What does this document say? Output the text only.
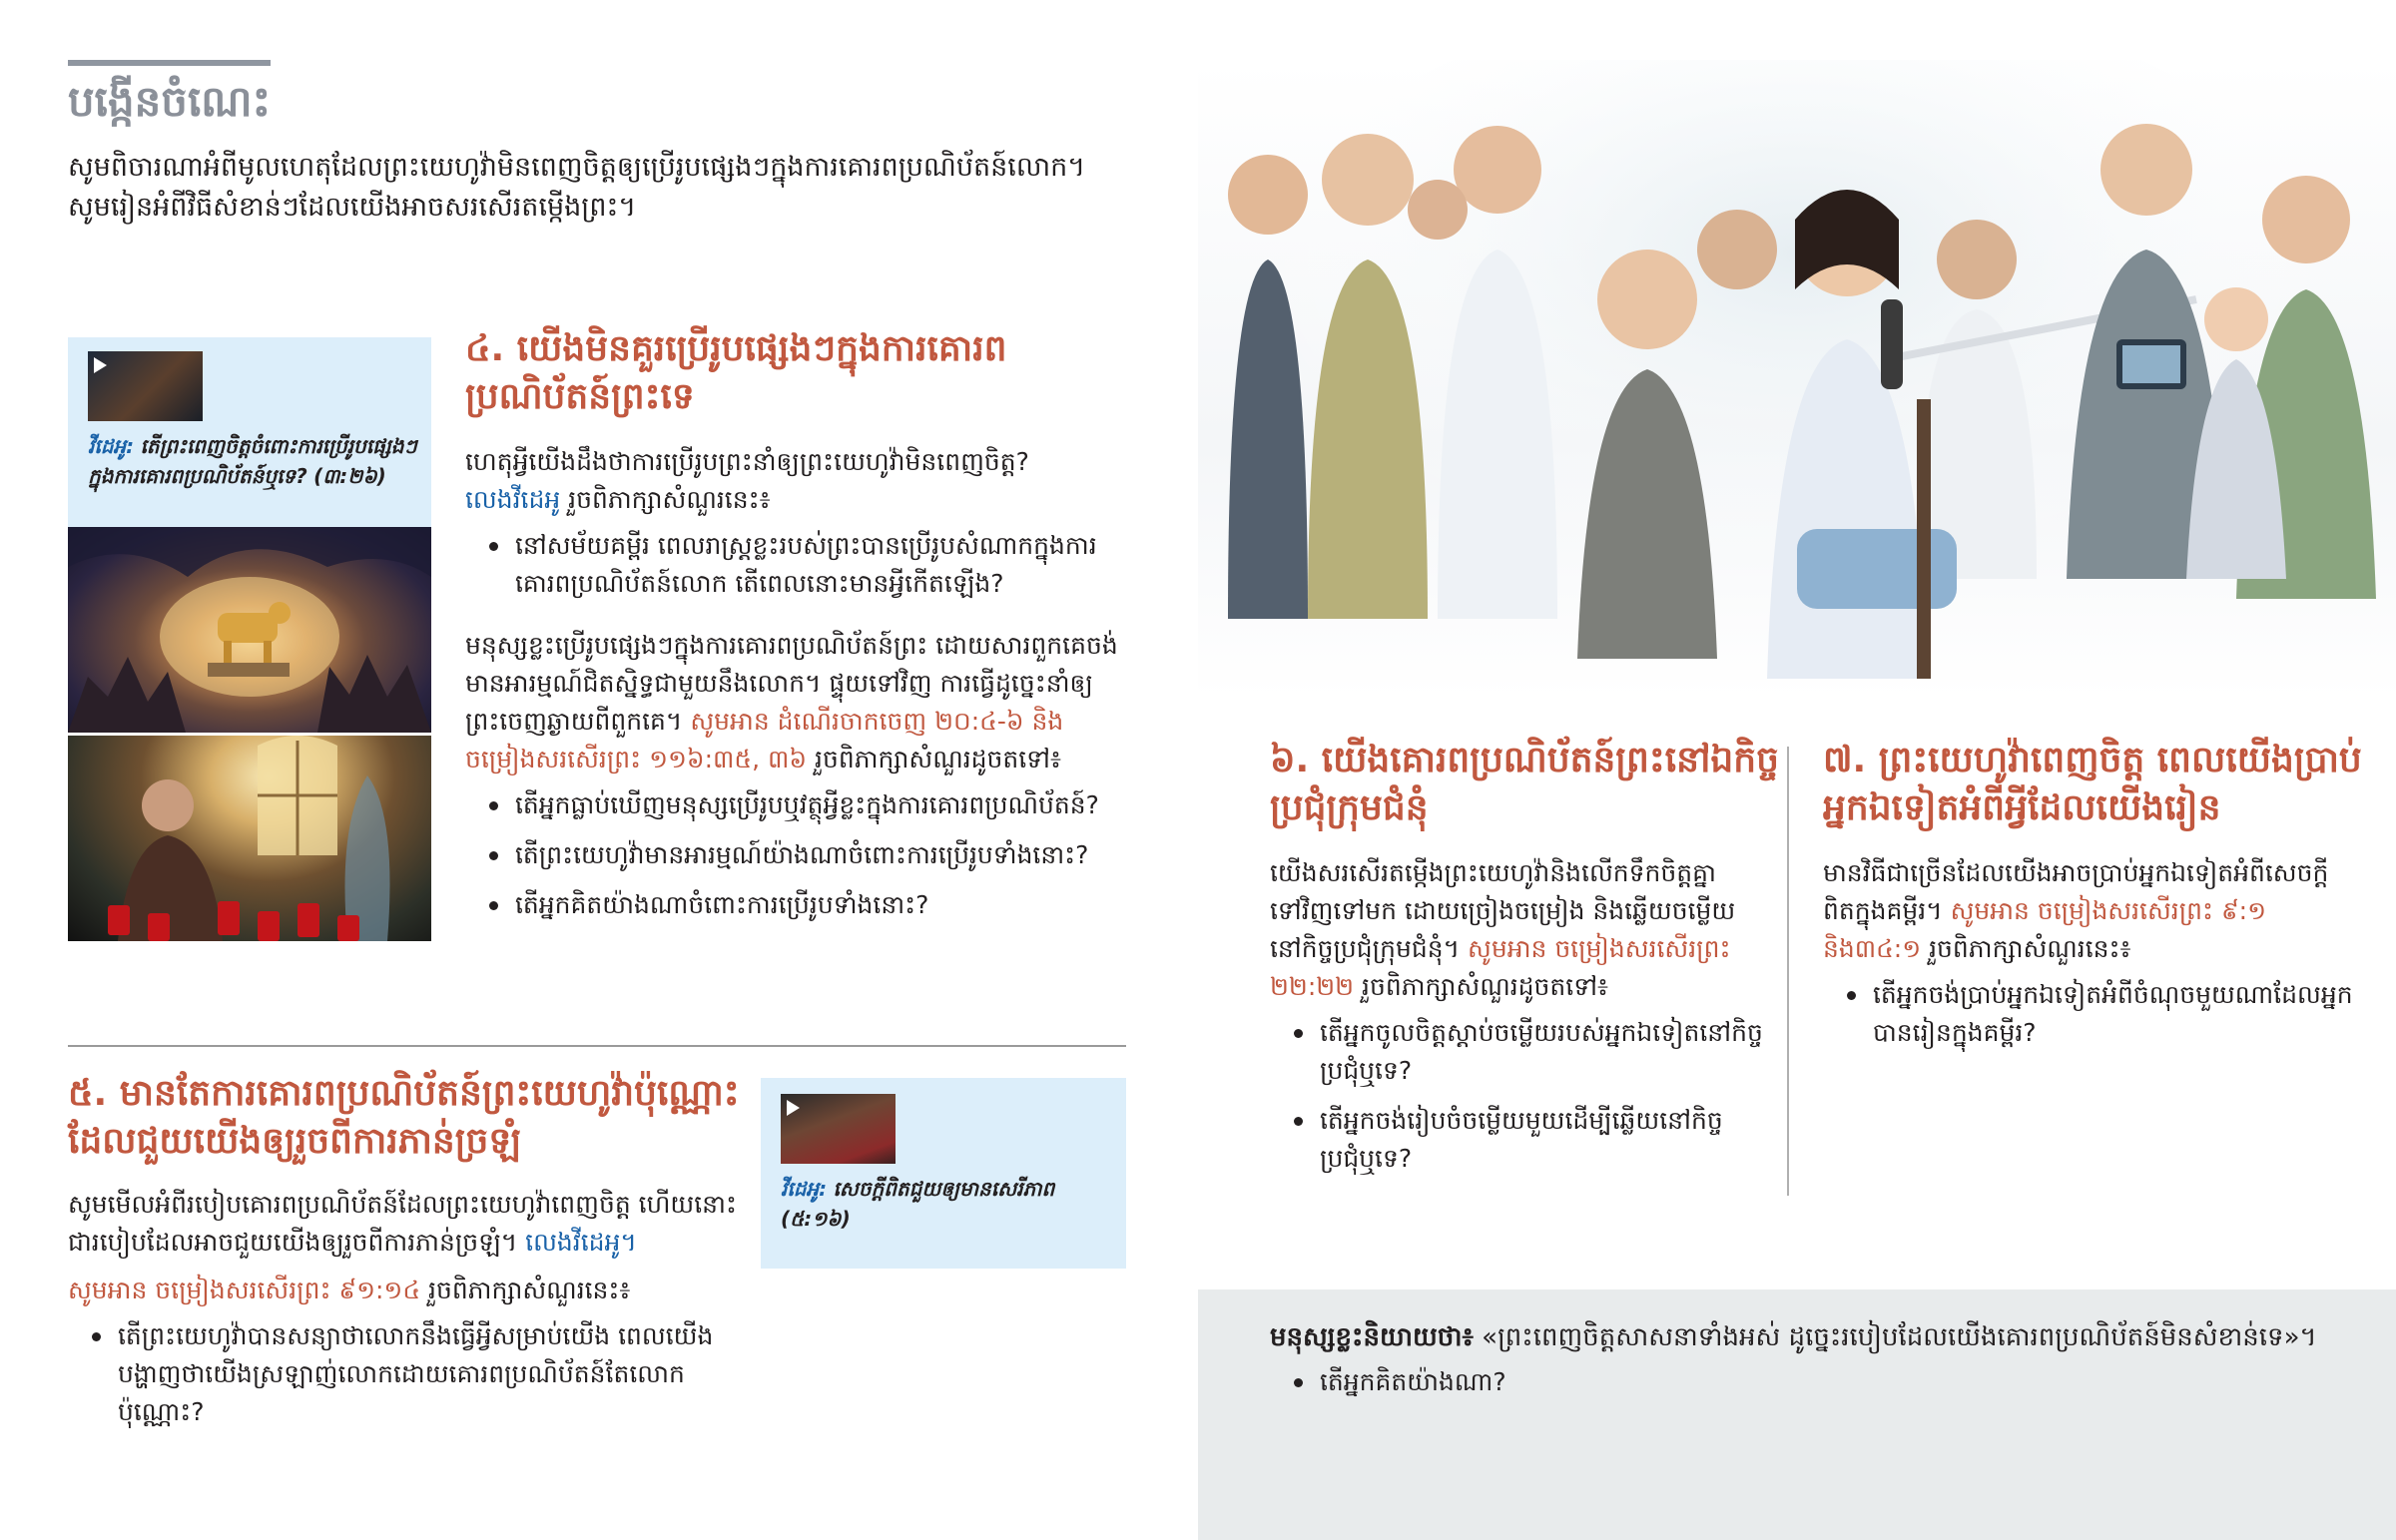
បង្កើនចំណេះ
សូមពិចារណាអំពីមូលហេតុដែលព្រះយេហូវ៉ាមិនពេញចិត្តឲ្យប្រើរូបផ្សេងៗក្នុងការគោរពប្រណិប័តន៍លោក។
សូមរៀនអំពីវិធីសំខាន់ៗដែលយើងអាចសរសើរតម្កើងព្រះ។
វីដេអូ: តើព្រះពេញចិត្តចំពោះការប្រើរូបផ្សេងៗក្នុងការគោរពប្រណិប័តន៍ឬទេ? (៣:២៦)
៤. យើងមិនគួរប្រើរូបផ្សេងៗក្នុងការគោរពប្រណិប័តន៍ព្រះទេ
ហេតុអ្វីយើងដឹងថាការប្រើរូបព្រះនាំឲ្យព្រះយេហូវ៉ាមិនពេញចិត្ត?
លេងវីដេអូ រួចពិភាក្សាសំណួរនេះ៖
នៅសម័យគម្ពីរ ពេលរាស្ត្រខ្លះរបស់ព្រះបានប្រើរូបសំណាកក្នុងការគោរពប្រណិប័តន៍លោក តើពេលនោះមានអ្វីកើតឡើង?
មនុស្សខ្លះប្រើរូបផ្សេងៗក្នុងការគោរពប្រណិប័តន៍ព្រះ ដោយសារពួកគេចង់មានអារម្មណ៍ជិតស្និទ្ធជាមួយនឹងលោក។ ផ្ទុយទៅវិញ ការធ្វើដូច្នេះនាំឲ្យព្រះចេញឆ្ងាយពីពួកគេ។ សូមអាន ដំណើរចាកចេញ ២០:៤-៦ និងចម្រៀងសរសើរព្រះ ១១៦:៣៥, ៣៦ រួចពិភាក្សាសំណួរដូចតទៅ៖
តើអ្នកធ្លាប់ឃើញមនុស្សប្រើរូបឬវត្ថុអ្វីខ្លះក្នុងការគោរពប្រណិប័តន៍?
តើព្រះយេហូវ៉ាមានអារម្មណ៍យ៉ាងណាចំពោះការប្រើរូបទាំងនោះ?
តើអ្នកគិតយ៉ាងណាចំពោះការប្រើរូបទាំងនោះ?
៥. មានតែការគោរពប្រណិប័តន៍ព្រះយេហូវ៉ាប៉ុណ្ណោះដែលជួយយើងឲ្យរួចពីការភាន់ច្រឡំ
សូមមើលអំពីរបៀបគោរពប្រណិប័តន៍ដែលព្រះយេហូវ៉ាពេញចិត្ត ហើយនោះជារបៀបដែលអាចជួយយើងឲ្យរួចពីការភាន់ច្រឡំ។ លេងវីដេអូ។
សូមអាន ចម្រៀងសរសើរព្រះ ៩១:១៤ រួចពិភាក្សាសំណួរនេះ៖
តើព្រះយេហូវ៉ាបានសន្យាថាលោកនឹងធ្វើអ្វីសម្រាប់យើង ពេលយើងបង្ហាញថាយើងស្រឡាញ់លោកដោយគោរពប្រណិប័តន៍តែលោកប៉ុណ្ណោះ?
វីដេអូ: សេចក្ដីពិតជួយឲ្យមានសេរីភាព
(៥:១៦)
៦. យើងគោរពប្រណិប័តន៍ព្រះនៅឯកិច្ចប្រជុំក្រុមជំនុំ
យើងសរសើរតម្កើងព្រះយេហូវ៉ានិងលើកទឹកចិត្តគ្នាទៅវិញទៅមក ដោយច្រៀងចម្រៀង និងឆ្លើយចម្លើយនៅកិច្ចប្រជុំក្រុមជំនុំ។ សូមអាន ចម្រៀងសរសើរព្រះ ២២:២២ រួចពិភាក្សាសំណួរដូចតទៅ៖
តើអ្នកចូលចិត្តស្ដាប់ចម្លើយរបស់អ្នកឯទៀតនៅកិច្ចប្រជុំឬទេ?
តើអ្នកចង់រៀបចំចម្លើយមួយដើម្បីឆ្លើយនៅកិច្ចប្រជុំឬទេ?
៧. ព្រះយេហូវ៉ាពេញចិត្ត ពេលយើងប្រាប់អ្នកឯទៀតអំពីអ្វីដែលយើងរៀន
មានវិធីជាច្រើនដែលយើងអាចប្រាប់អ្នកឯទៀតអំពីសេចក្ដីពិតក្នុងគម្ពីរ។ សូមអាន ចម្រៀងសរសើរព្រះ ៩:១ និង៣៤:១ រួចពិភាក្សាសំណួរនេះ៖
តើអ្នកចង់ប្រាប់អ្នកឯទៀតអំពីចំណុចមួយណាដែលអ្នកបានរៀនក្នុងគម្ពីរ?
មនុស្សខ្លះនិយាយថា៖ «ព្រះពេញចិត្តសាសនាទាំងអស់ ដូច្នេះរបៀបដែលយើងគោរពប្រណិប័តន៍មិនសំខាន់ទេ»។
តើអ្នកគិតយ៉ាងណា?
